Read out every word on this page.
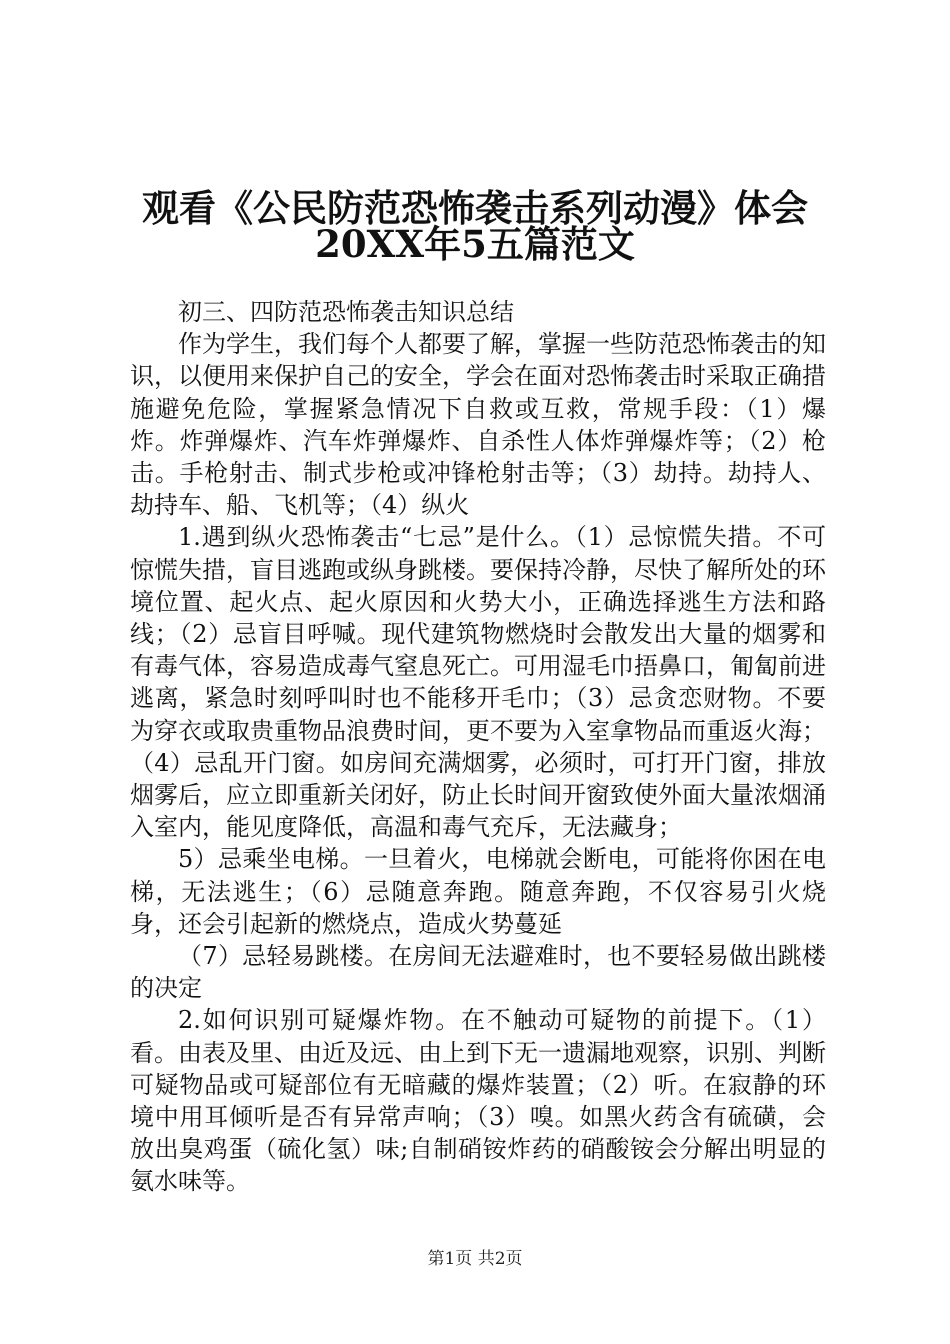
观看《公民防范恐怖袭击系列动漫》体会
20XX年5五篇范文

初三、四防范恐怖袭击知识总结

作为学生，我们每个人都要了解，掌握一些防范恐怖袭击的知识，以便用来保护自己的安全，学会在面对恐怖袭击时采取正确措施避免危险，掌握紧急情况下自救或互救，常规手段：（1）爆炸。炸弹爆炸、汽车炸弹爆炸、自杀性人体炸弹爆炸等；（2）枪击。手枪射击、制式步枪或冲锋枪射击等；（3）劫持。劫持人、劫持车、船、飞机等；（4）纵火

1.遇到纵火恐怖袭击“七忌”是什么。（1）忌惊慌失措。不可惊慌失措，盲目逃跑或纵身跳楼。要保持冷静，尽快了解所处的环境位置、起火点、起火原因和火势大小，正确选择逃生方法和路线；（2）忌盲目呼喊。现代建筑物燃烧时会散发出大量的烟雾和有毒气体，容易造成毒气窒息死亡。可用湿毛巾捂鼻口，匍匐前进逃离，紧急时刻呼叫时也不能移开毛巾；（3）忌贪恋财物。不要为穿衣或取贵重物品浪费时间，更不要为入室拿物品而重返火海；（4）忌乱开门窗。如房间充满烟雾，必须时，可打开门窗，排放烟雾后，应立即重新关闭好，防止长时间开窗致使外面大量浓烟涌入室内，能见度降低，高温和毒气充斥，无法藏身；

5）忌乘坐电梯。一旦着火，电梯就会断电，可能将你困在电梯，无法逃生；（6）忌随意奔跑。随意奔跑，不仅容易引火烧身，还会引起新的燃烧点，造成火势蔓延

（7）忌轻易跳楼。在房间无法避难时，也不要轻易做出跳楼的决定

2.如何识别可疑爆炸物。在不触动可疑物的前提下。（1）看。由表及里、由近及远、由上到下无一遗漏地观察，识别、判断可疑物品或可疑部位有无暗藏的爆炸装置；（2）听。在寂静的环境中用耳倾听是否有异常声响；（3）嗅。如黑火药含有硫磺，会放出臭鸡蛋（硫化氢）味;自制硝铵炸药的硝酸铵会分解出明显的氨水味等。

第1页 共2页
